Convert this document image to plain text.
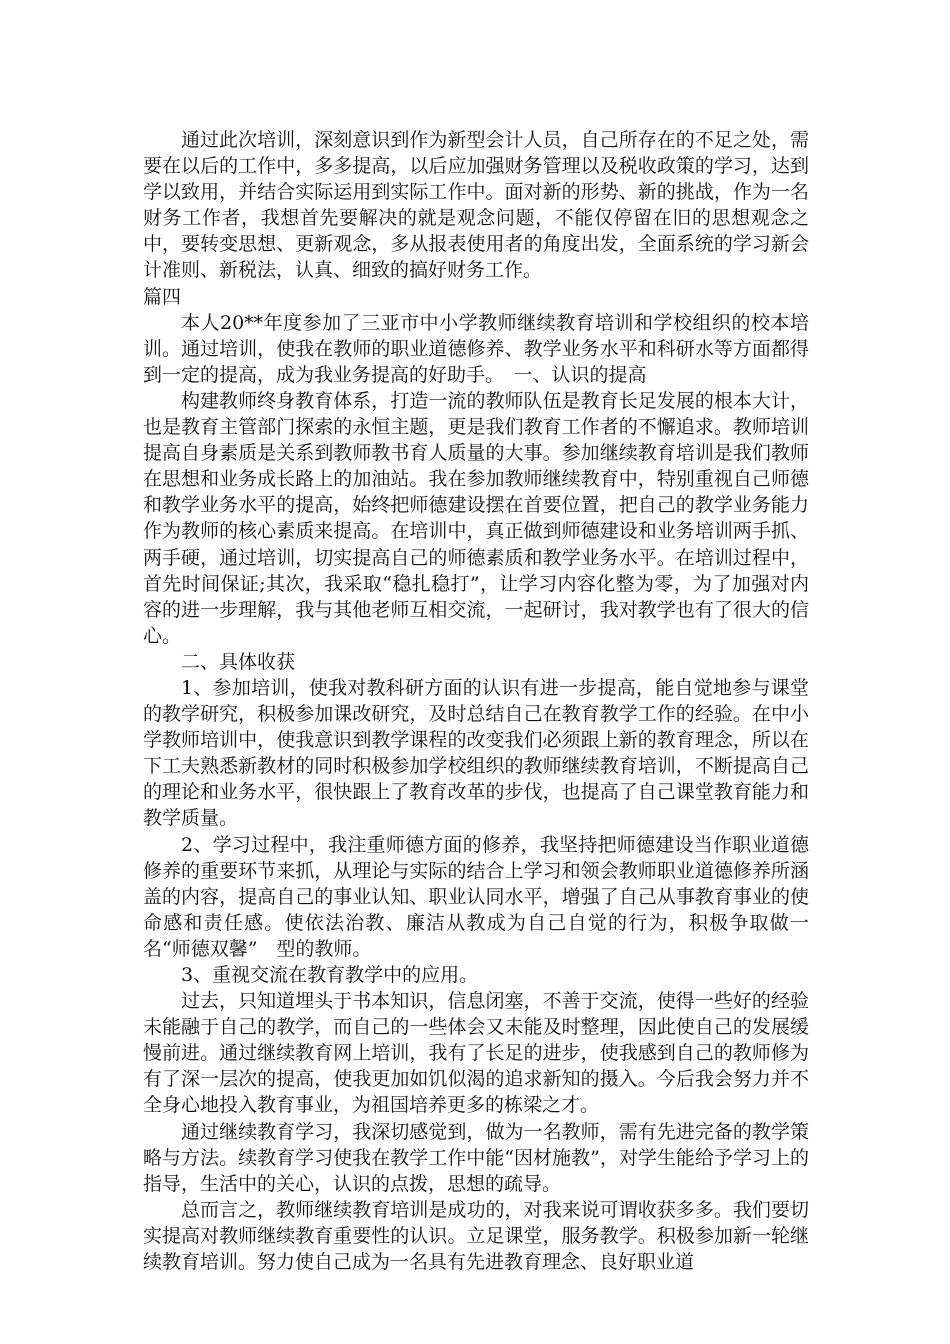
通过此次培训，深刻意识到作为新型会计人员，自己所存在的不足之处，需要在以后的工作中，多多提高，以后应加强财务管理以及税收政策的学习，达到学以致用，并结合实际运用到实际工作中。面对新的形势、新的挑战，作为一名财务工作者，我想首先要解决的就是观念问题，不能仅停留在旧的思想观念之中，要转变思想、更新观念，多从报表使用者的角度出发，全面系统的学习新会计准则、新税法，认真、细致的搞好财务工作。

篇四

本人20**年度参加了三亚市中小学教师继续教育培训和学校组织的校本培训。通过培训，使我在教师的职业道德修养、教学业务水平和科研水等方面都得到一定的提高，成为我业务提高的好助手。　一、认识的提高

构建教师终身教育体系，打造一流的教师队伍是教育长足发展的根本大计，也是教育主管部门探索的永恒主题，更是我们教育工作者的不懈追求。教师培训提高自身素质是关系到教师教书育人质量的大事。参加继续教育培训是我们教师在思想和业务成长路上的加油站。我在参加教师继续教育中，特别重视自己师德和教学业务水平的提高，始终把师德建设摆在首要位置，把自己的教学业务能力作为教师的核心素质来提高。在培训中，真正做到师德建设和业务培训两手抓、两手硬，通过培训，切实提高自己的师德素质和教学业务水平。在培训过程中，首先时间保证;其次，我采取“稳扎稳打”，让学习内容化整为零，为了加强对内容的进一步理解，我与其他老师互相交流，一起研讨，我对教学也有了很大的信心。

二、具体收获

1、参加培训，使我对教科研方面的认识有进一步提高，能自觉地参与课堂的教学研究，积极参加课改研究，及时总结自己在教育教学工作的经验。在中小学教师培训中，使我意识到教学课程的改变我们必须跟上新的教育理念，所以在下工夫熟悉新教材的同时积极参加学校组织的教师继续教育培训，不断提高自己的理论和业务水平，很快跟上了教育改革的步伐，也提高了自己课堂教育能力和教学质量。

2、学习过程中，我注重师德方面的修养，我坚持把师德建设当作职业道德修养的重要环节来抓，从理论与实际的结合上学习和领会教师职业道德修养所涵盖的内容，提高自己的事业认知、职业认同水平，增强了自己从事教育事业的使命感和责任感。使依法治教、廉洁从教成为自己自觉的行为，积极争取做一名“师德双馨”　型的教师。

3、重视交流在教育教学中的应用。

过去，只知道埋头于书本知识，信息闭塞，不善于交流，使得一些好的经验未能融于自己的教学，而自己的一些体会又未能及时整理，因此使自己的发展缓慢前进。通过继续教育网上培训，我有了长足的进步，使我感到自己的教师修为有了深一层次的提高，使我更加如饥似渴的追求新知的摄入。今后我会努力并不全身心地投入教育事业，为祖国培养更多的栋梁之才。

通过继续教育学习，我深切感觉到，做为一名教师，需有先进完备的教学策略与方法。续教育学习使我在教学工作中能“因材施教”，对学生能给予学习上的指导，生活中的关心，认识的点拨，思想的疏导。

总而言之，教师继续教育培训是成功的，对我来说可谓收获多多。我们要切实提高对教师继续教育重要性的认识。立足课堂，服务教学。积极参加新一轮继续教育培训。努力使自己成为一名具有先进教育理念、良好职业道
